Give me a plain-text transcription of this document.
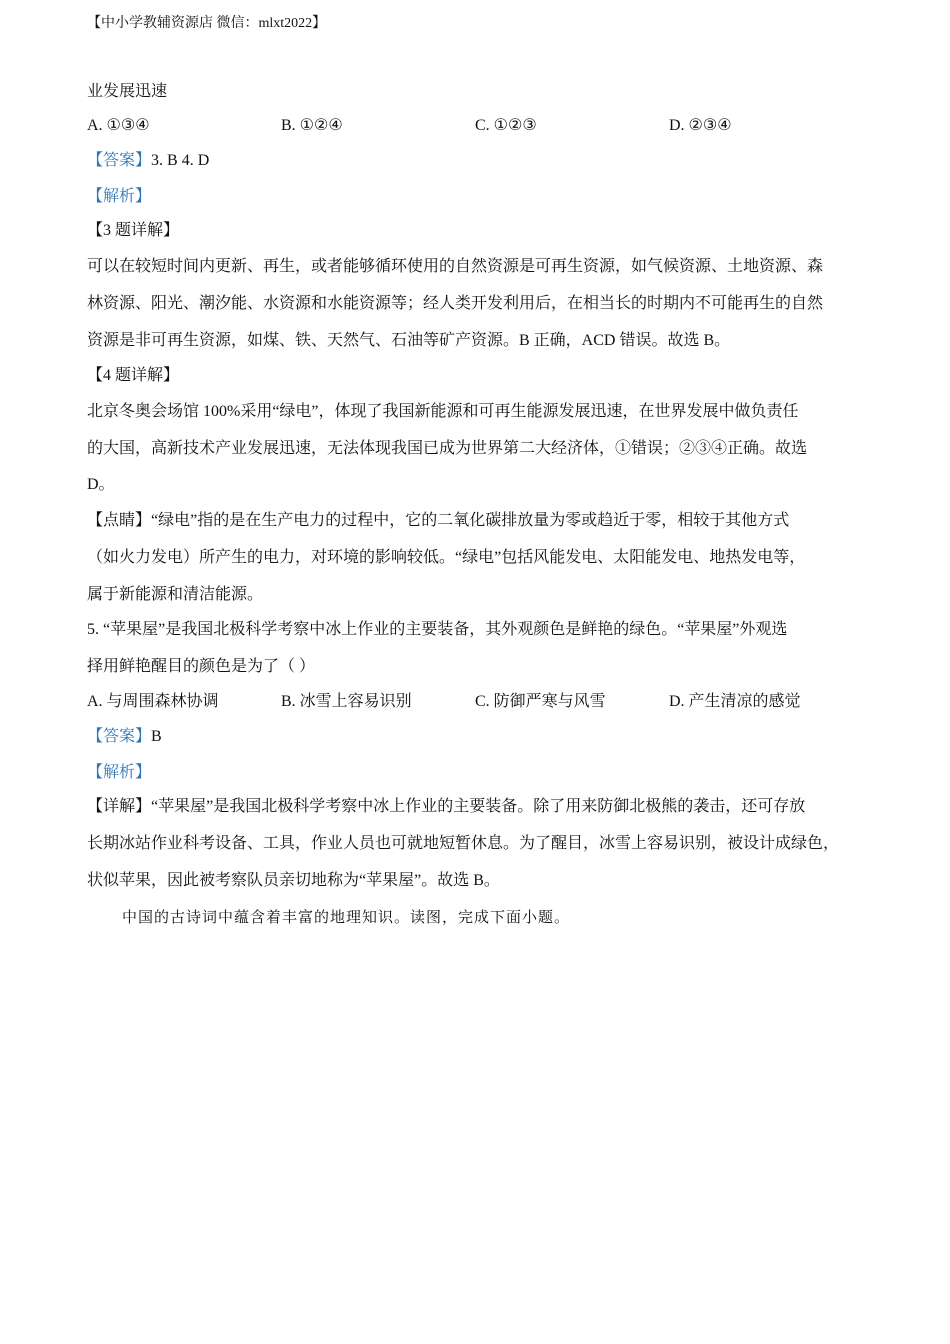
【中小学教辅资源店 微信：mlxt2022】
业发展迅速
A. ①③④	B. ①②④	C. ①②③	D. ②③④
【答案】3. B 4. D
【解析】
【3 题详解】
可以在较短时间内更新、再生，或者能够循环使用的自然资源是可再生资源，如气候资源、土地资源、森
林资源、阳光、潮汐能、水资源和水能资源等；经人类开发利用后，在相当长的时期内不可能再生的自然
资源是非可再生资源，如煤、铁、天然气、石油等矿产资源。B 正确，ACD 错误。故选 B。
【4 题详解】
北京冬奥会场馆 100%采用“绿电”，体现了我国新能源和可再生能源发展迅速，在世界发展中做负责任
的大国，高新技术产业发展迅速，无法体现我国已成为世界第二大经济体，①错误；②③④正确。故选
D。
【点睛】“绿电”指的是在生产电力的过程中，它的二氧化碳排放量为零或趋近于零，相较于其他方式
（如火力发电）所产生的电力，对环境的影响较低。“绿电”包括风能发电、太阳能发电、地热发电等，
属于新能源和清洁能源。
5. “苹果屋”是我国北极科学考察中冰上作业的主要装备，其外观颜色是鲜艳的绿色。“苹果屋”外观选
择用鲜艳醒目的颜色是为了（ ）
A. 与周围森林协调	B. 冰雪上容易识别	C. 防御严寒与风雪	D. 产生清凉的感觉
【答案】B
【解析】
【详解】“苹果屋”是我国北极科学考察中冰上作业的主要装备。除了用来防御北极熊的袭击，还可存放
长期冰站作业科考设备、工具，作业人员也可就地短暂休息。为了醒目，冰雪上容易识别，被设计成绿色，
状似苹果，因此被考察队员亲切地称为“苹果屋”。故选 B。
中国的古诗词中蕴含着丰富的地理知识。读图，完成下面小题。
